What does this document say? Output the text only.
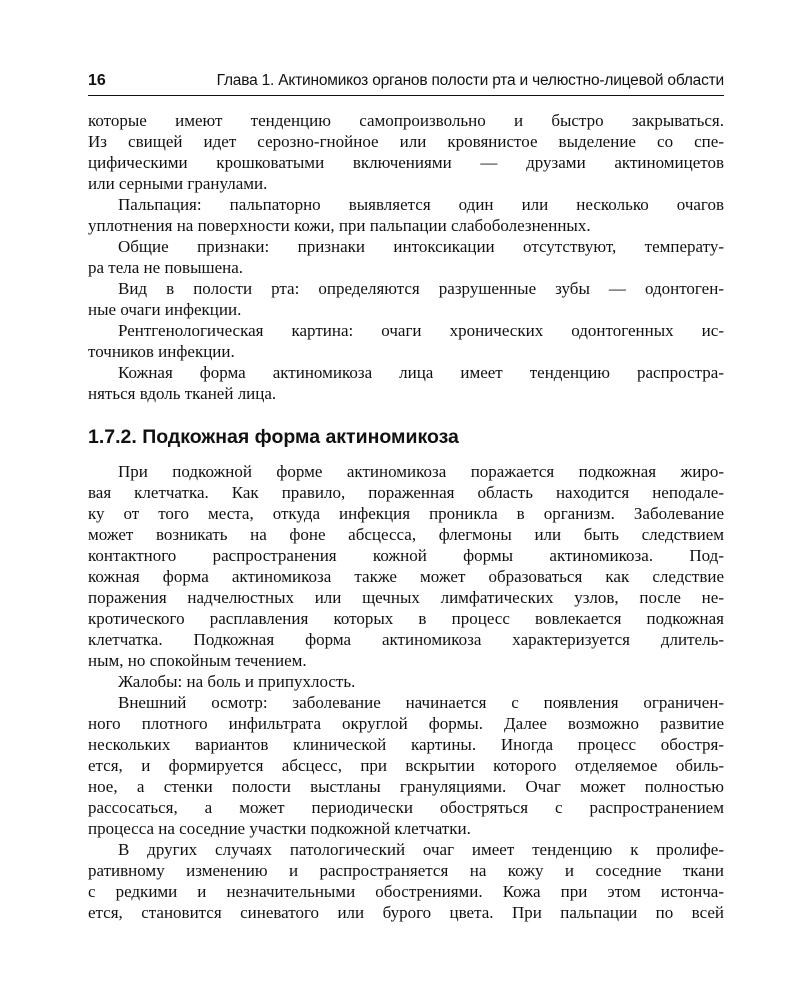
16	Глава 1. Актиномикоз органов полости рта и челюстно-лицевой области
которые имеют тенденцию самопроизвольно и быстро закрываться.
Из свищей идет серозно-гнойное или кровянистое выделение со спе-
цифическими крошковатыми включениями — друзами актиномицетов
или серными гранулами.
Пальпация: пальпаторно выявляется один или несколько очагов
уплотнения на поверхности кожи, при пальпации слабоболезненных.
Общие признаки: признаки интоксикации отсутствуют, температу-
ра тела не повышена.
Вид в полости рта: определяются разрушенные зубы — одонтоген-
ные очаги инфекции.
Рентгенологическая картина: очаги хронических одонтогенных ис-
точников инфекции.
Кожная форма актиномикоза лица имеет тенденцию распростра-
няться вдоль тканей лица.
1.7.2. Подкожная форма актиномикоза
При подкожной форме актиномикоза поражается подкожная жиро-
вая клетчатка. Как правило, пораженная область находится неподале-
ку от того места, откуда инфекция проникла в организм. Заболевание
может возникать на фоне абсцесса, флегмоны или быть следствием
контактного распространения кожной формы актиномикоза. Под-
кожная форма актиномикоза также может образоваться как следствие
поражения надчелюстных или щечных лимфатических узлов, после не-
кротического расплавления которых в процесс вовлекается подкожная
клетчатка. Подкожная форма актиномикоза характеризуется длитель-
ным, но спокойным течением.
Жалобы: на боль и припухлость.
Внешний осмотр: заболевание начинается с появления ограничен-
ного плотного инфильтрата округлой формы. Далее возможно развитие
нескольких вариантов клинической картины. Иногда процесс обостря-
ется, и формируется абсцесс, при вскрытии которого отделяемое обиль-
ное, а стенки полости выстланы грануляциями. Очаг может полностью
рассосаться, а может периодически обостряться с распространением
процесса на соседние участки подкожной клетчатки.
В других случаях патологический очаг имеет тенденцию к пролифе-
ративному изменению и распространяется на кожу и соседние ткани
с редкими и незначительными обострениями. Кожа при этом истонча-
ется, становится синеватого или бурого цвета. При пальпации по всей
